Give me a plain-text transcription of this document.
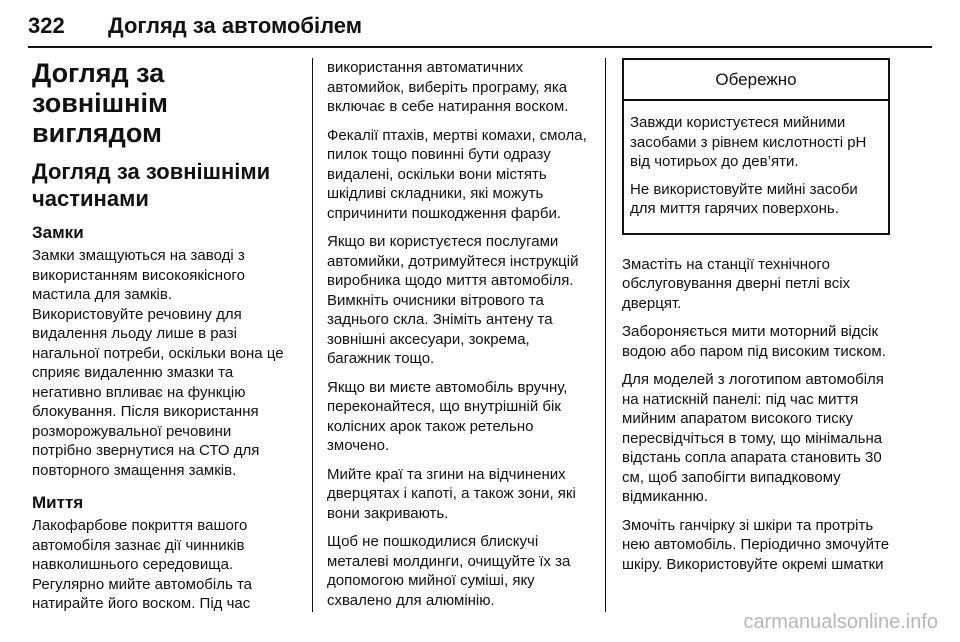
322	Догляд за автомобілем
Догляд за зовнішнім виглядом
Догляд за зовнішніми частинами
Замки

Замки змащуються на заводі з використанням високоякісного мастила для замків.

Використовуйте речовину для видалення льоду лише в разі нагальної потреби, оскільки вона це сприяє видаленню змазки та негативно впливає на функцію блокування. Після використання розморожувальної речовини потрібно звернутися на СТО для повторного змащення замків.

Миття

Лакофарбове покриття вашого автомобіля зазнає дії чинників навколишнього середовища. Регулярно мийте автомобіль та натирайте його воском. Під час

використання автоматичних автомийок, виберіть програму, яка включає в себе натирання воском.

Фекалії птахів, мертві комахи, смола, пилок тощо повинні бути одразу видалені, оскільки вони містять шкідливі складники, які можуть спричинити пошкодження фарби.

Якщо ви користуєтеся послугами автомийки, дотримуйтеся інструкцій виробника щодо миття автомобіля. Вимкніть очисники вітрового та заднього скла. Зніміть антену та зовнішні аксесуари, зокрема, багажник тощо.

Якщо ви миєте автомобіль вручну, переконайтеся, що внутрішній бік колісних арок також ретельно змочено.

Мийте краї та згини на відчинених дверцятах і капоті, а також зони, які вони закривають.

Щоб не пошкодилися блискучі металеві молдинги, очищуйте їх за допомогою мийної суміші, яку схвалено для алюмінію.

Обережно

Завжди користуєтеся мийними засобами з рівнем кислотності pH від чотирьох до дев’яти.

Не використовуйте мийні засоби для миття гарячих поверхонь.

Змастіть на станції технічного обслуговування дверні петлі всіх дверцят.

Забороняється мити моторний відсік водою або паром під високим тиском.

Для моделей з логотипом автомобіля на натискній панелі: під час миття мийним апаратом високого тиску пересвідчіться в тому, що мінімальна відстань сопла апарата становить 30 см, щоб запобігти випадковому відмиканню.

Змочіть ганчірку зі шкіри та протріть нею автомобіль. Періодично змочуйте шкіру. Використовуйте окремі шматки

carmanualsonline.info
